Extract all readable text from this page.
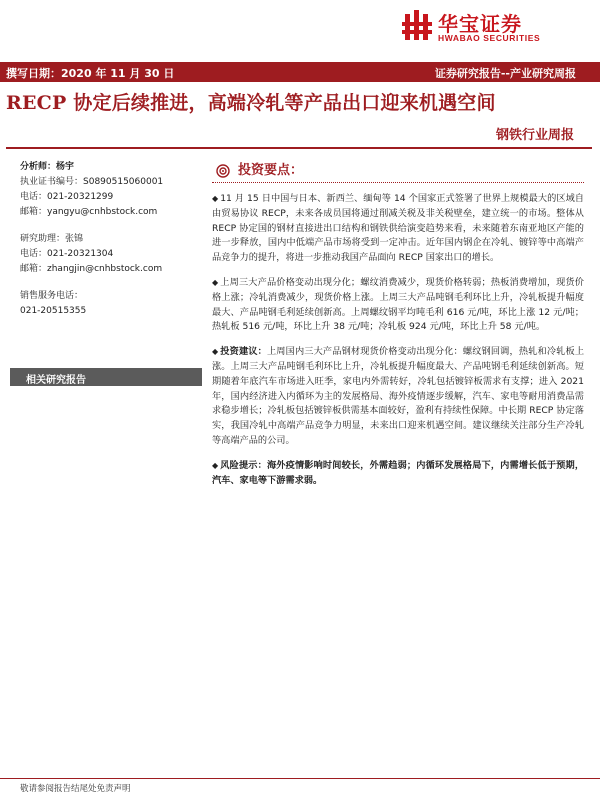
华宝证券
HWABAO SECURITIES
撰写日期：2020 年 11 月 30 日	证券研究报告--产业研究周报
RECP 协定后续推进，高端冷轧等产品出口迎来机遇空间
钢铁行业周报
分析师：杨宇
执业证书编号：S0890515060001
电话：021-20321299
邮箱：yangyu@cnhbstock.com
研究助理：张锦
电话：021-20321304
邮箱：zhangjin@cnhbstock.com
销售服务电话：
021-20515355
相关研究报告
投资要点：
◆ 11 月 15 日中国与日本、新西兰、缅甸等 14 个国家正式签署了世界上规模最大的区域自由贸易协议 RECP，未来各成员国将通过削减关税及非关税壁垒，建立统一的市场。整体从 RECP 协定国的钢材直接进出口结构和钢铁供给演变趋势来看，未来随着东南亚地区产能的进一步释放，国内中低端产品市场将受到一定冲击。近年国内钢企在冷轧、镀锌等中高端产品竞争力的提升，将进一步推动我国产品面向 RECP 国家出口的增长。
◆ 上周三大产品价格变动出现分化；螺纹消费减少，现货价格转弱；热板消费增加，现货价格上涨；冷轧消费减少，现货价格上涨。上周三大产品吨钢毛利环比上升，冷轧板提升幅度最大、产品吨钢毛利延续创新高。上周螺纹钢平均吨毛利 616 元/吨，环比上涨 12 元/吨；热轧板 516 元/吨，环比上升 38 元/吨；冷轧板 924 元/吨，环比上升 58 元/吨。
◆ 投资建议：上周国内三大产品钢材现货价格变动出现分化：螺纹钢回调，热轧和冷轧板上涨。上周三大产品吨钢毛利环比上升，冷轧板提升幅度最大、产品吨钢毛利延续创新高。短期随着年底汽车市场进入旺季，家电内外需转好，冷轧包括镀锌板需求有支撑；进入 2021 年，国内经济进入内循环为主的发展格局、海外疫情逐步缓解，汽车、家电等耐用消费品需求稳步增长；冷轧板包括镀锌板供需基本面较好，盈利有持续性保障。中长期 RECP 协定落实，我国冷轧中高端产品竞争力明显，未来出口迎来机遇空间。建议继续关注部分生产冷轧等高端产品的公司。
◆ 风险提示：海外疫情影响时间较长，外需趋弱；内循环发展格局下，内需增长低于预期，汽车、家电等下游需求弱。
敬请参阅报告结尾处免责声明
